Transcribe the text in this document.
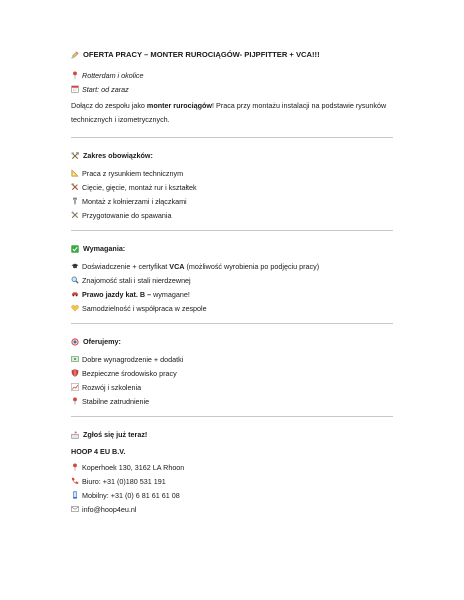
OFERTA PRACY – MONTER RUROCIĄGÓW- PIJPFITTER + VCA!!!
Rotterdam i okolice
Start: od zaraz
Dołącz do zespołu jako monter rurociągów! Praca przy montażu instalacji na podstawie rysunków technicznych i izometrycznych.
Zakres obowiązków:
Praca z rysunkiem technicznym
Cięcie, gięcie, montaż rur i kształtek
Montaż z kołnierzami i złączkami
Przygotowanie do spawania
Wymagania:
Doświadczenie + certyfikat VCA (możliwość wyrobienia po podjęciu pracy)
Znajomość stali i stali nierdzewnej
Prawo jazdy kat. B – wymagane!
Samodzielność i współpraca w zespole
Oferujemy:
Dobre wynagrodzenie + dodatki
Bezpieczne środowisko pracy
Rozwój i szkolenia
Stabilne zatrudnienie
Zgłoś się już teraz!
HOOP 4 EU B.V.
Koperhoek 130, 3162 LA Rhoon
Biuro: +31 (0)180 531 191
Mobilny: +31 (0) 6 81 61 61 08
info@hoop4eu.nl
